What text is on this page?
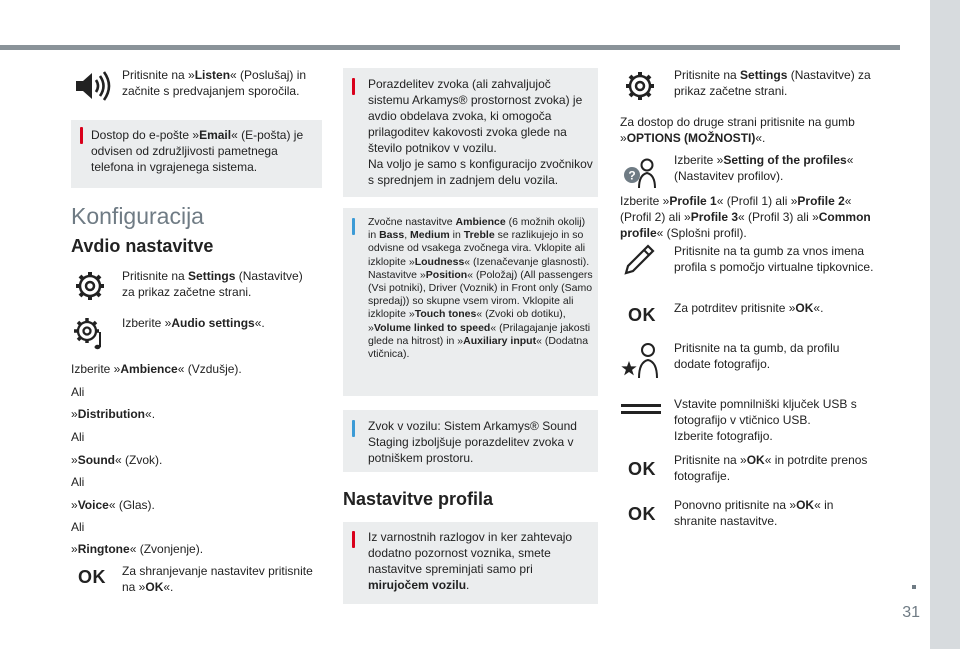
31
Pritisnite na »Listen« (Poslušaj) in začnite s predvajanjem sporočila.
Dostop do e-pošte »Email« (E-pošta) je odvisen od združljivosti pametnega telefona in vgrajenega sistema.
Konfiguracija
Avdio nastavitve
Pritisnite na Settings (Nastavitve) za prikaz začetne strani.
Izberite »Audio settings«.
Izberite »Ambience« (Vzdušje).
Ali
»Distribution«.
Ali
»Sound« (Zvok).
Ali
»Voice« (Glas).
Ali
»Ringtone« (Zvonjenje).
OK	Za shranjevanje nastavitev pritisnite na »OK«.
Porazdelitev zvoka (ali zahvaljujoč sistemu Arkamys® prostornost zvoka) je avdio obdelava zvoka, ki omogoča prilagoditev kakovosti zvoka glede na število potnikov v vozilu.
Na voljo je samo s konfiguracijo zvočnikov s sprednjem in zadnjem delu vozila.
Zvočne nastavitve Ambience (6 možnih okolij) in Bass, Medium in Treble se razlikujejo in so odvisne od vsakega zvočnega vira. Vklopite ali izklopite »Loudness« (Izenačevanje glasnosti). Nastavitve »Position« (Položaj) (All passengers (Vsi potniki), Driver (Voznik) in Front only (Samo spredaj)) so skupne vsem virom. Vklopite ali izklopite »Touch tones« (Zvoki ob dotiku), »Volume linked to speed« (Prilagajanje jakosti glede na hitrost) in »Auxiliary input« (Dodatna vtičnica).
Zvok v vozilu: Sistem Arkamys® Sound Staging izboljšuje porazdelitev zvoka v potniškem prostoru.
Nastavitve profila
Iz varnostnih razlogov in ker zahtevajo dodatno pozornost voznika, smete nastavitve spreminjati samo pri mirujočem vozilu.
Pritisnite na Settings (Nastavitve) za prikaz začetne strani.
Za dostop do druge strani pritisnite na gumb »OPTIONS (MOŽNOSTI)«.
?
Izberite »Setting of the profiles« (Nastavitev profilov).
Izberite »Profile 1« (Profil 1) ali »Profile 2« (Profil 2) ali »Profile 3« (Profil 3) ali »Common profile« (Splošni profil).
Pritisnite na ta gumb za vnos imena profila s pomočjo virtualne tipkovnice.
OK	Za potrditev pritisnite »OK«.
Pritisnite na ta gumb, da profilu dodate fotografijo.
Vstavite pomnilniški ključek USB s fotografijo v vtičnico USB.
Izberite fotografijo.
OK	Pritisnite na »OK« in potrdite prenos fotografije.
OK	Ponovno pritisnite na »OK« in shranite nastavitve.
